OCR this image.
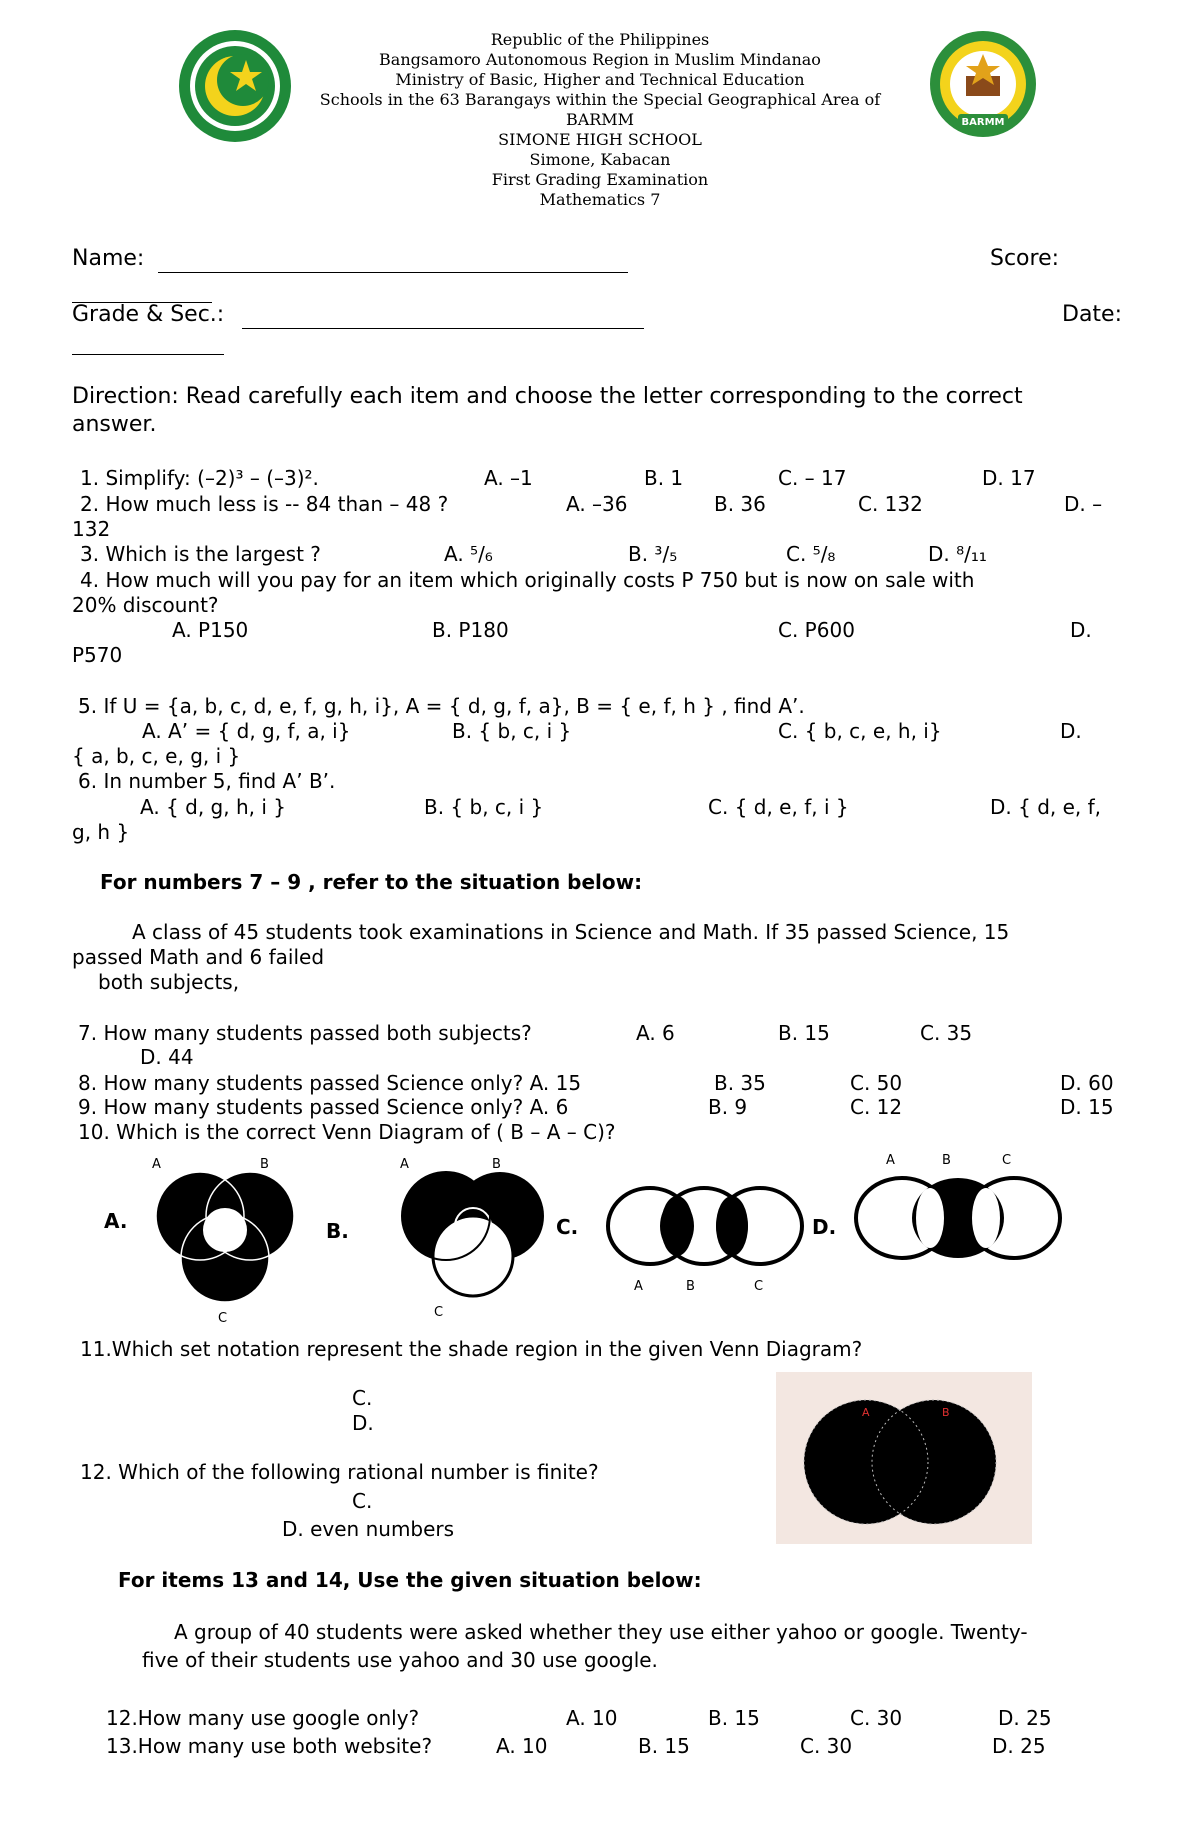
BARMM
Republic of the Philippines
Bangsamoro Autonomous Region in Muslim Mindanao
Ministry of Basic, Higher and Technical Education
Schools in the 63 Barangays within the Special Geographical Area of BARMM
SIMONE HIGH SCHOOL
Simone, Kabacan
First Grading Examination
Mathematics 7
Name:	Score:
Grade & Sec.:	Date:
Direction: Read carefully each item and choose the letter corresponding to the correct
answer.
1. Simplify: (–2)³ – (–3)².	A. –1	B. 1	C. – 17	D. 17
2. How much less is -- 84 than – 48 ?	A. –36	B. 36	C. 132	D. –
132
3. Which is the largest ?	A. ⁵/₆	B. ³/₅	C. ⁵/₈	D. ⁸/₁₁
4. How much will you pay for an item which originally costs P 750 but is now on sale with
20% discount?
A. P150	B. P180	C. P600	D.
P570
5. If U = {a, b, c, d, e, f, g, h, i}, A = { d, g, f, a}, B = { e, f, h } , find A’.
A. A’ = { d, g, f, a, i}	B. { b, c, i }	C. { b, c, e, h, i}	D.
{ a, b, c, e, g, i }
6. In number 5, find A’ B’.
A. { d, g, h, i }	B. { b, c, i }	C. { d, e, f, i }	D. { d, e, f,
g, h }
For numbers 7 – 9 , refer to the situation below:
A class of 45 students took examinations in Science and Math. If 35 passed Science, 15
passed Math and 6 failed
both subjects,
7. How many students passed both subjects?	A. 6	B. 15	C. 35
D. 44
8. How many students passed Science only? A. 15	B. 35	C. 50	D. 60
9. How many students passed Science only? A. 6	B. 9	C. 12	D. 15
10. Which is the correct Venn Diagram of ( B – A – C)?
A.
A	B
C
B.
A	B
C
C.
A	B	C
D.
A	B	C
11.Which set notation represent the shade region in the given Venn Diagram?
C.
D.	A	B
12. Which of the following rational number is finite?
C.
D. even numbers
For items 13 and 14, Use the given situation below:
A group of 40 students were asked whether they use either yahoo or google. Twenty-
five of their students use yahoo and 30 use google.
12.How many use google only?	A. 10	B. 15	C. 30	D. 25
13.How many use both website?	A. 10	B. 15	C. 30	D. 25
